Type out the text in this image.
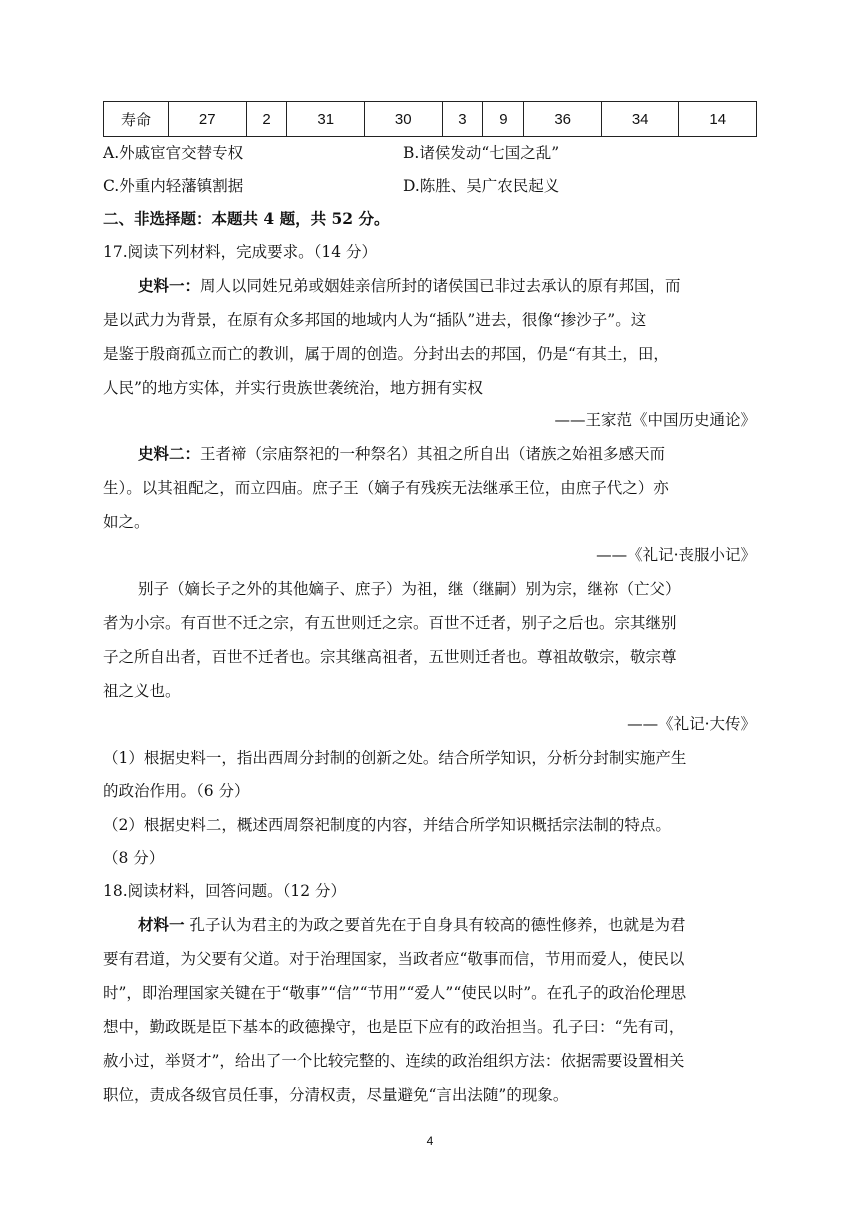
寿命	27	2	31	30	3	9	36	34	14
A.外戚宦官交替专权	B.诸侯发动“七国之乱”
C.外重内轻藩镇割据	D.陈胜、吴广农民起义
二、非选择题：本题共 4 题，共 52 分。
17.阅读下列材料，完成要求。（14 分）
史料一：周人以同姓兄弟或姻娃亲信所封的诸侯国已非过去承认的原有邦国，而
是以武力为背景，在原有众多邦国的地域内人为“插队”进去，很像“掺沙子”。这
是鉴于殷商孤立而亡的教训，属于周的创造。分封出去的邦国，仍是“有其土，田，
人民”的地方实体，并实行贵族世袭统治，地方拥有实权
——王家范《中国历史通论》
史料二：王者禘（宗庙祭祀的一种祭名）其祖之所自出（诸族之始祖多感天而
生）。以其祖配之，而立四庙。庶子王（嫡子有残疾无法继承王位，由庶子代之）亦
如之。
——《礼记·丧服小记》
别子（嫡长子之外的其他嫡子、庶子）为祖，继（继嗣）别为宗，继祢（亡父）
者为小宗。有百世不迁之宗，有五世则迁之宗。百世不迁者，别子之后也。宗其继别
子之所自出者，百世不迁者也。宗其继高祖者，五世则迁者也。尊祖故敬宗，敬宗尊
祖之义也。
——《礼记·大传》
（1）根据史料一，指出西周分封制的创新之处。结合所学知识，分析分封制实施产生
的政治作用。（6 分）
（2）根据史料二，概述西周祭祀制度的内容，并结合所学知识概括宗法制的特点。
（8 分）
18.阅读材料，回答问题。（12 分）
材料一 孔子认为君主的为政之要首先在于自身具有较高的德性修养，也就是为君
要有君道，为父要有父道。对于治理国家，当政者应“敬事而信，节用而爱人，使民以
时”，即治理国家关键在于“敬事”“信”“节用”“爱人”“使民以时”。在孔子的政治伦理思
想中，勤政既是臣下基本的政德操守，也是臣下应有的政治担当。孔子曰：“先有司，
赦小过，举贤才”，给出了一个比较完整的、连续的政治组织方法：依据需要设置相关
职位，责成各级官员任事，分清权责，尽量避免“言出法随”的现象。
4
